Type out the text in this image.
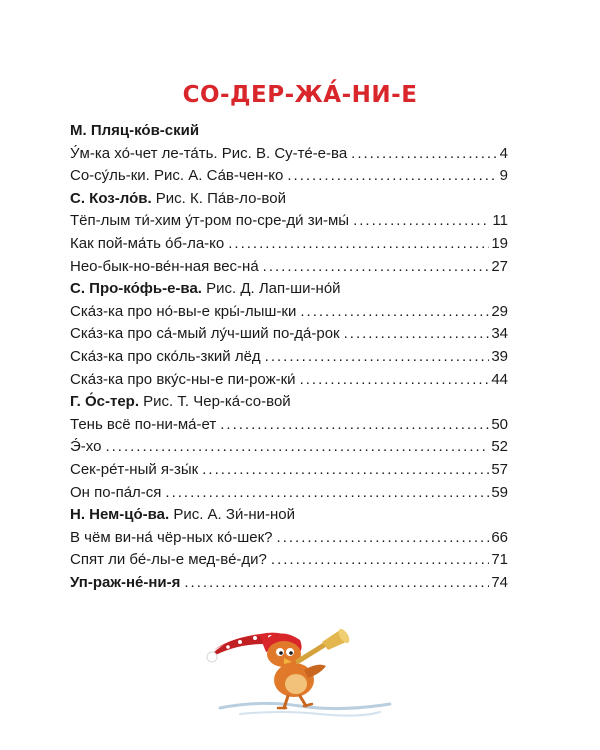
СО-ДЕР-ЖА́-НИ-Е
М. Пляц-ко́в-ский
У́м-ка хо́-чет ле-та́ть. Рис. В. Су-те́-е-ва .....	4
Со-су́ль-ки. Рис. А. Са́в-чен-ко .....	9
С. Коз-ло́в. Рис. К. Па́в-ло-вой
Тёп-лым ти́-хим у́т-ром по-сре-ди́ зи-мы́ .....	11
Как пой-ма́ть о́б-ла-ко .....	19
Нео-бык-но-ве́н-ная вес-на́ .....	27
С. Про-ко́фь-е-ва. Рис. Д. Лап-ши-но́й
Ска́з-ка про но́-вы-е кры́-лыш-ки .....	29
Ска́з-ка про са́-мый лу́ч-ший по-да́-рок .....	34
Ска́з-ка про ско́ль-зкий лёд .....	39
Ска́з-ка про вку́с-ны-е пи-рож-ки́ .....	44
Г. О́с-тер. Рис. Т. Чер-ка́-со-вой
Тень всё по-ни-ма́-ет .....	50
Э́-хо .....	52
Сек-ре́т-ный я-зы́к .....	57
Он по-па́л-ся .....	59
Н. Нем-цо́-ва. Рис. А. Зи́-ни-ной
В чём ви-на́ чёр-ных ко́-шек? .....	66
Спят ли бе́-лы-е мед-ве́-ди? .....	71
Уп-раж-не́-ни-я .....	74
